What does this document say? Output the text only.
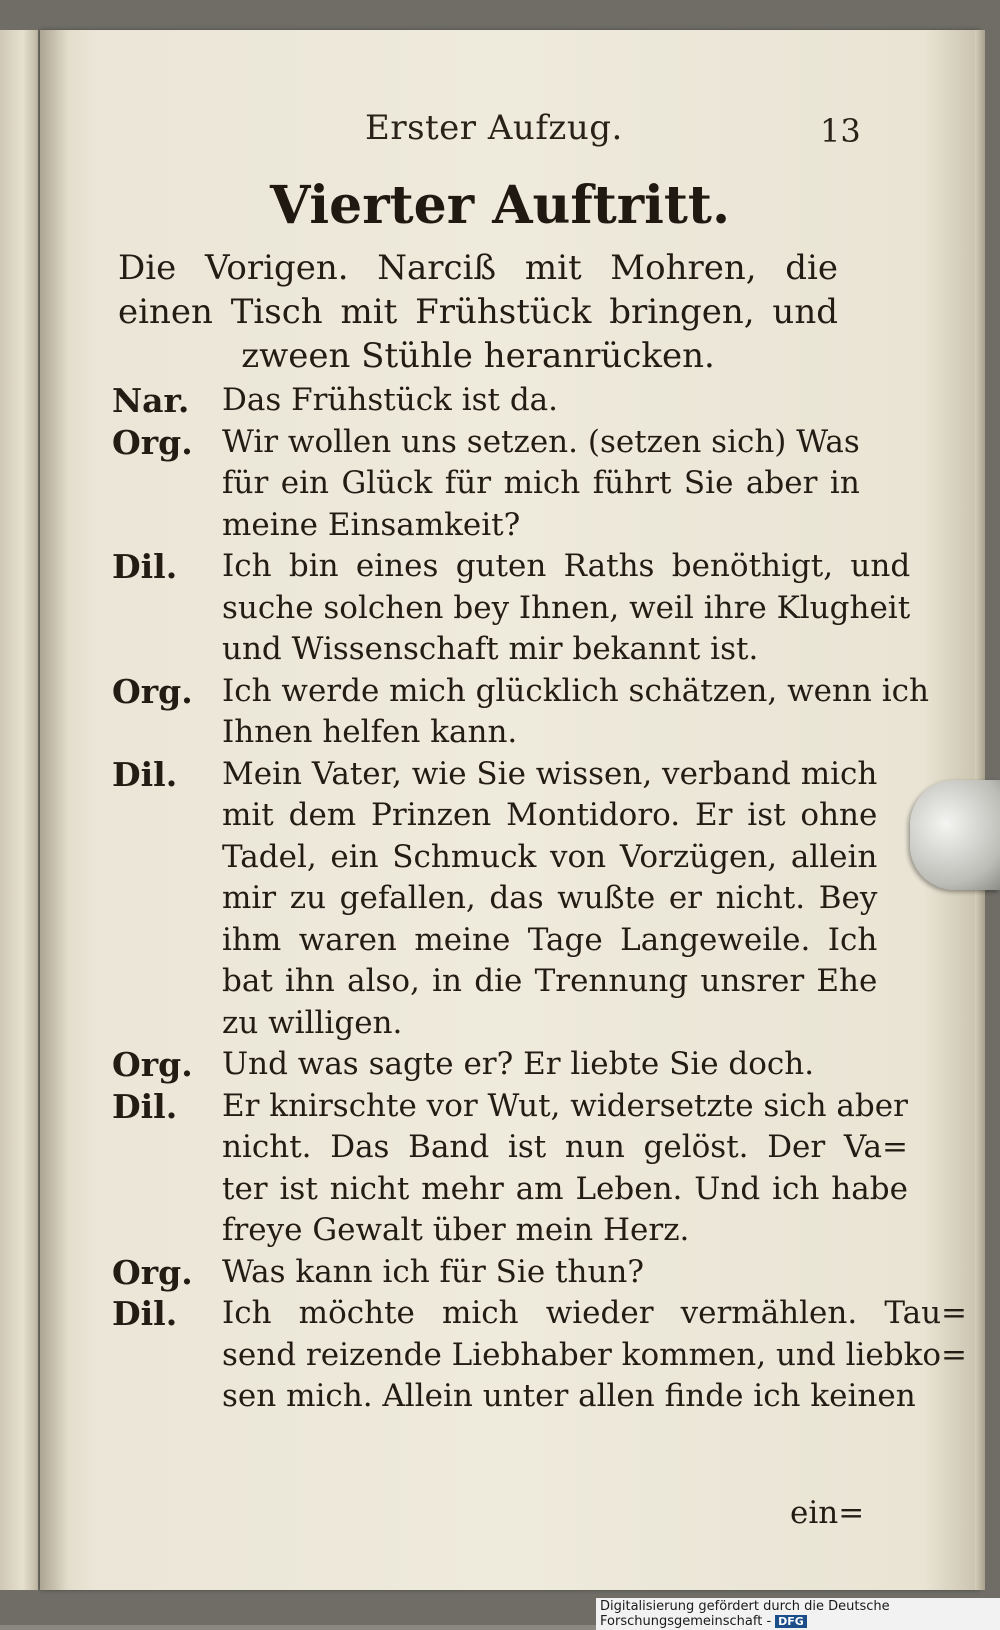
Erster Aufzug.	13
Vierter Auftritt.
Die Vorigen. Narciß mit Mohren, die
einen Tisch mit Frühstück bringen, und
zween Stühle heranrücken.
Nar.	Das Frühstück ist da.
Org. Wir wollen uns setzen. (setzen sich) Was
für ein Glück für mich führt Sie aber in
meine Einsamkeit?
Dil.	Ich bin eines guten Raths benöthigt, und
suche solchen bey Ihnen, weil ihre Klugheit
und Wissenschaft mir bekannt ist.
Org. Ich werde mich glücklich schätzen, wenn ich
Ihnen helfen kann.
Dil.	Mein Vater, wie Sie wissen, verband mich
mit dem Prinzen Montidoro. Er ist ohne
Tadel, ein Schmuck von Vorzügen, allein
mir zu gefallen, das wußte er nicht. Bey
ihm waren meine Tage Langeweile. Ich
bat ihn also, in die Trennung unsrer Ehe
zu willigen.
Org. Und was sagte er? Er liebte Sie doch.
Dil.	Er knirschte vor Wut, widersetzte sich aber
nicht. Das Band ist nun gelöst. Der Va=
ter ist nicht mehr am Leben. Und ich habe
freye Gewalt über mein Herz.
Org. Was kann ich für Sie thun?
Dil.	Ich möchte mich wieder vermählen. Tau=
send reizende Liebhaber kommen, und liebko=
sen mich. Allein unter allen finde ich keinen
ein=
Digitalisierung gefördert durch die Deutsche Forschungsgemeinschaft - DFG
